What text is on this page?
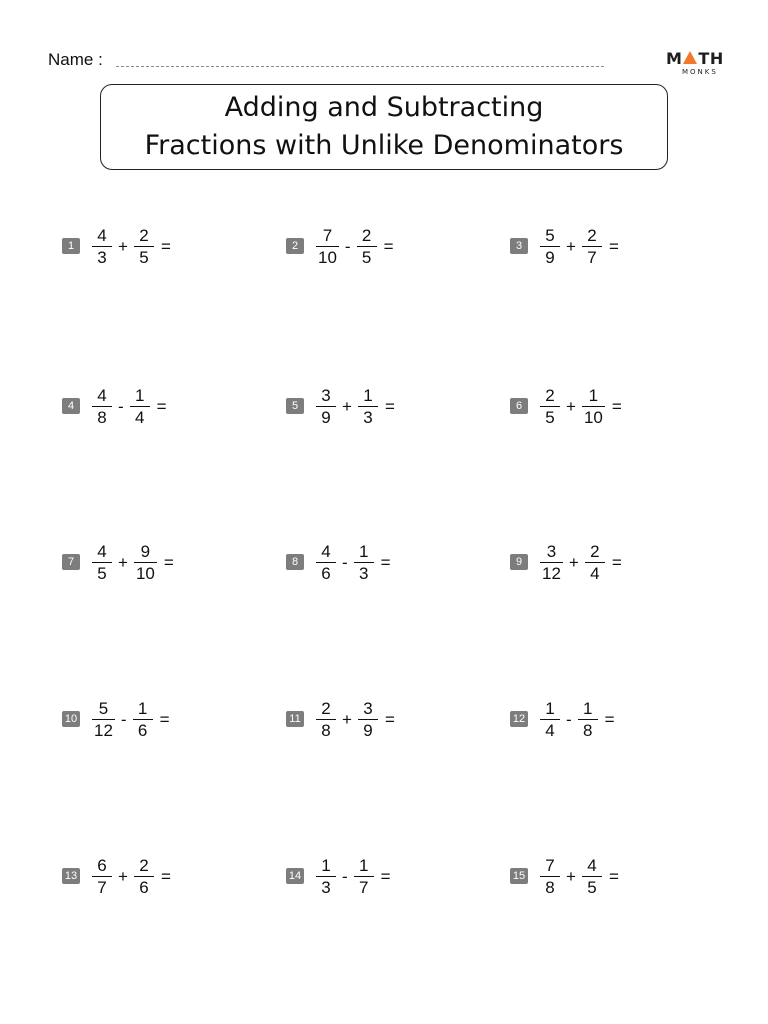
Name :	M TH
MONKS
Adding and Subtracting
Fractions with Unlike Denominators
1	$\frac{4}{3} + \frac{2}{5}$ =	2	$\frac{7}{10} - \frac{2}{5}$ =	3	$\frac{5}{9} + \frac{2}{7}$ =
4	$\frac{4}{8} - \frac{1}{4}$ =	5	$\frac{3}{9} + \frac{1}{3}$ =	6	$\frac{2}{5} + \frac{1}{10}$ =
7	$\frac{4}{5} + \frac{9}{10}$ =	8	$\frac{4}{6} - \frac{1}{3}$ =	9	$\frac{3}{12} + \frac{2}{4}$ =
$10 \frac{5}{12} - \frac{1}{6}$ =	$11 \frac{2}{8} + \frac{3}{9}$ =	$12 \frac{1}{4} - \frac{1}{8}$ =
$13 \frac{6}{7} + \frac{2}{6}$ =	$14 \frac{1}{3} - \frac{1}{7}$ =	$15 \frac{7}{8} + \frac{4}{5}$ =
